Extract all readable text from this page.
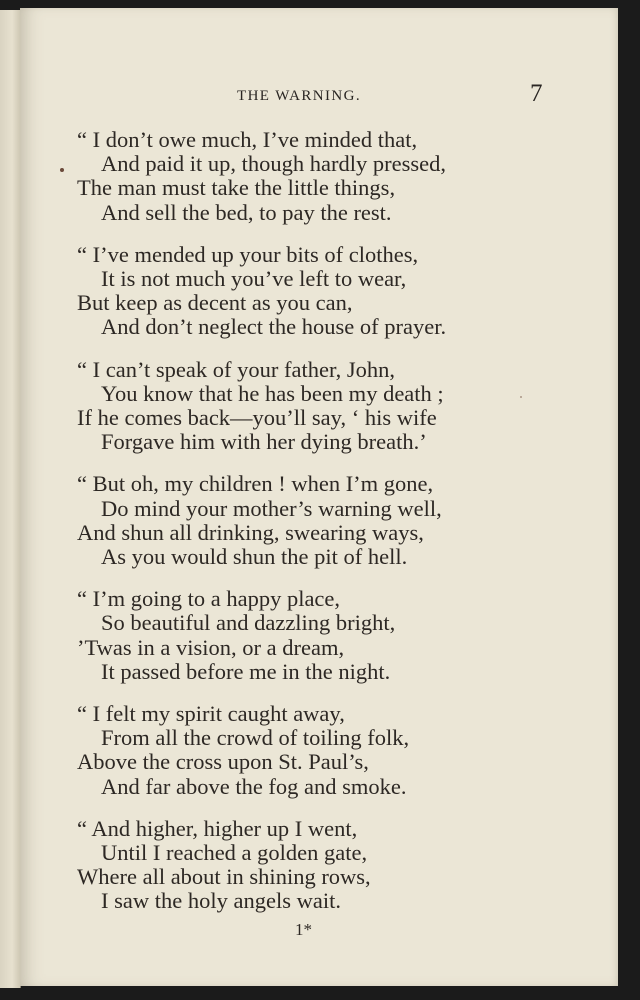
THE WARNING.	7
“ I don’t owe much, I’ve minded that,
And paid it up, though hardly pressed,
The man must take the little things,
And sell the bed, to pay the rest.
“ I’ve mended up your bits of clothes,
It is not much you’ve left to wear,
But keep as decent as you can,
And don’t neglect the house of prayer.
“ I can’t speak of your father, John,
You know that he has been my death ;
If he comes back—you’ll say, ‘ his wife
Forgave him with her dying breath.’
“ But oh, my children ! when I’m gone,
Do mind your mother’s warning well,
And shun all drinking, swearing ways,
As you would shun the pit of hell.
“ I’m going to a happy place,
So beautiful and dazzling bright,
’Twas in a vision, or a dream,
It passed before me in the night.
“ I felt my spirit caught away,
From all the crowd of toiling folk,
Above the cross upon St. Paul’s,
And far above the fog and smoke.
“ And higher, higher up I went,
Until I reached a golden gate,
Where all about in shining rows,
I saw the holy angels wait.
1*
